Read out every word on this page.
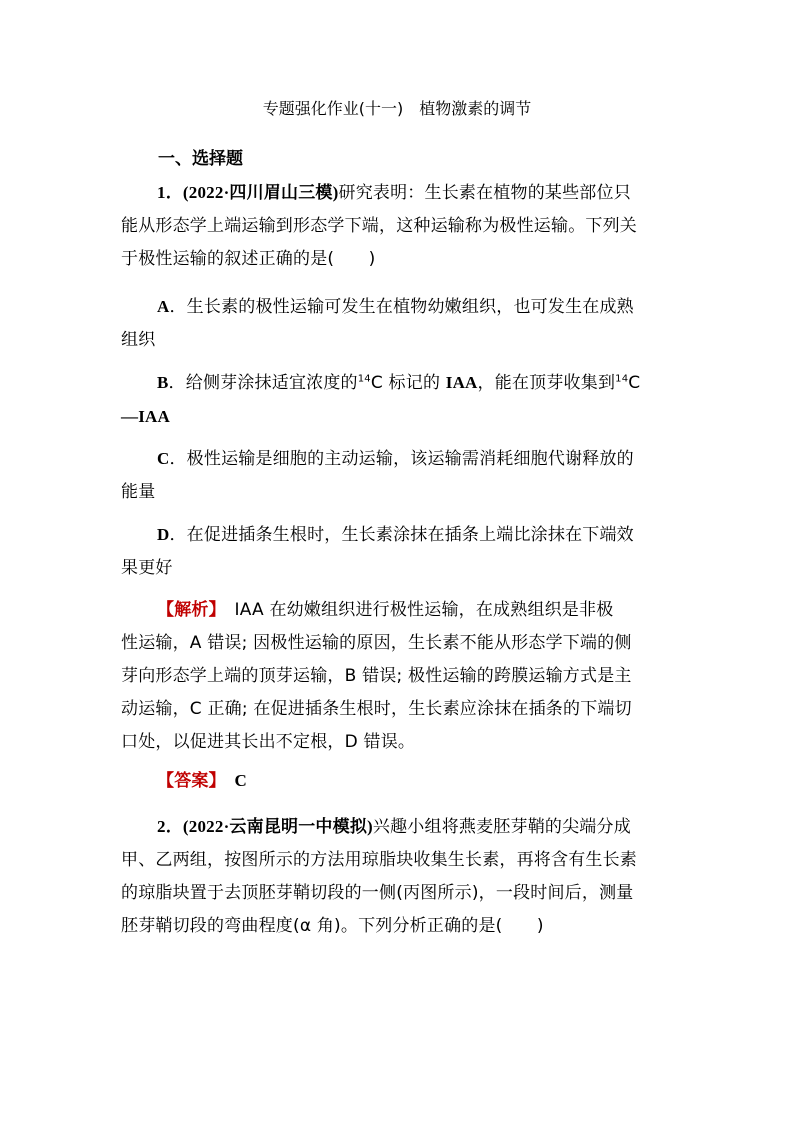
专题强化作业(十一)　植物激素的调节
一、选择题
1．(2022·四川眉山三模)研究表明：生长素在植物的某些部位只
能从形态学上端运输到形态学下端，这种运输称为极性运输。下列关
于极性运输的叙述正确的是(　　)
A．生长素的极性运输可发生在植物幼嫩组织，也可发生在成熟
组织
B．给侧芽涂抹适宜浓度的$^{14}$C 标记的 IAA，能在顶芽收集到$^{14}$C
—IAA
C．极性运输是细胞的主动运输，该运输需消耗细胞代谢释放的
能量
D．在促进插条生根时，生长素涂抹在插条上端比涂抹在下端效
果更好
【解析】　IAA 在幼嫩组织进行极性运输，在成熟组织是非极
性运输，A 错误; 因极性运输的原因，生长素不能从形态学下端的侧
芽向形态学上端的顶芽运输，B 错误; 极性运输的跨膜运输方式是主
动运输，C 正确; 在促进插条生根时，生长素应涂抹在插条的下端切
口处，以促进其长出不定根，D 错误。
【答案】　C
2．(2022·云南昆明一中模拟)兴趣小组将燕麦胚芽鞘的尖端分成
甲、乙两组，按图所示的方法用琼脂块收集生长素，再将含有生长素
的琼脂块置于去顶胚芽鞘切段的一侧(丙图所示)，一段时间后，测量
胚芽鞘切段的弯曲程度(α 角)。下列分析正确的是(　　)
